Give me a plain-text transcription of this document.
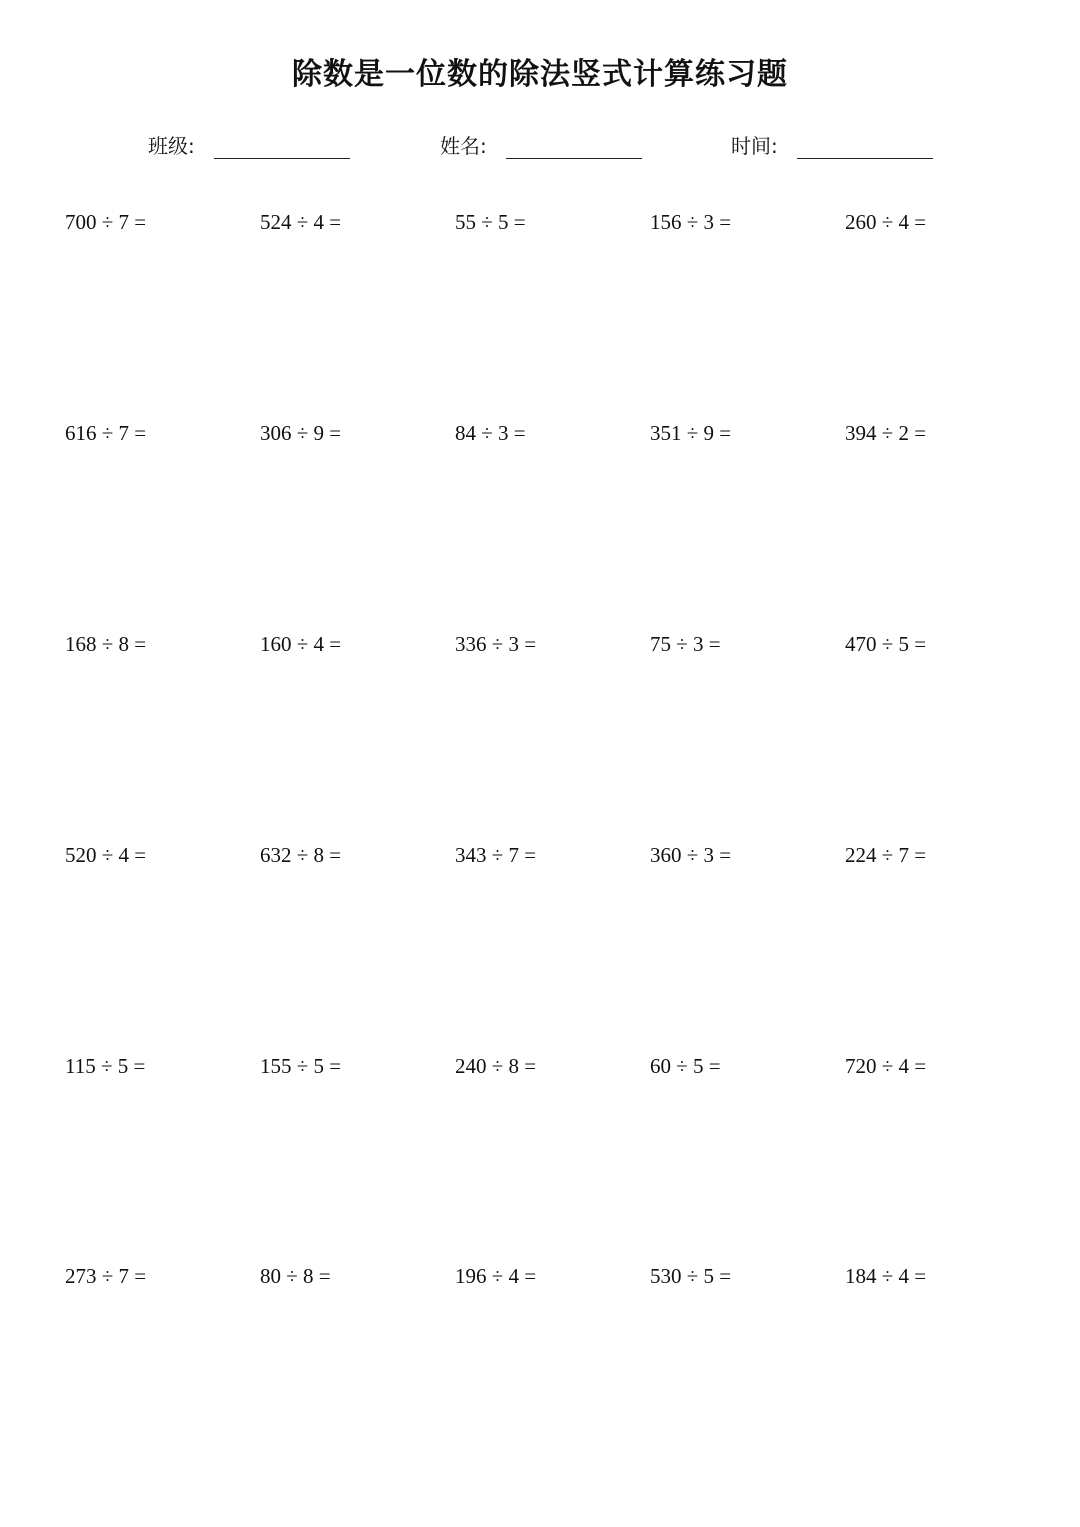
除数是一位数的除法竖式计算练习题
班级:	姓名:	时间:
700 ÷ 7 =	524 ÷ 4 =	55 ÷ 5 =	156 ÷ 3 =	260 ÷ 4 =
616 ÷ 7 =	306 ÷ 9 =	84 ÷ 3 =	351 ÷ 9 =	394 ÷ 2 =
168 ÷ 8 =	160 ÷ 4 =	336 ÷ 3 =	75 ÷ 3 =	470 ÷ 5 =
520 ÷ 4 =	632 ÷ 8 =	343 ÷ 7 =	360 ÷ 3 =	224 ÷ 7 =
115 ÷ 5 =	155 ÷ 5 =	240 ÷ 8 =	60 ÷ 5 =	720 ÷ 4 =
273 ÷ 7 =	80 ÷ 8 =	196 ÷ 4 =	530 ÷ 5 =	184 ÷ 4 =
